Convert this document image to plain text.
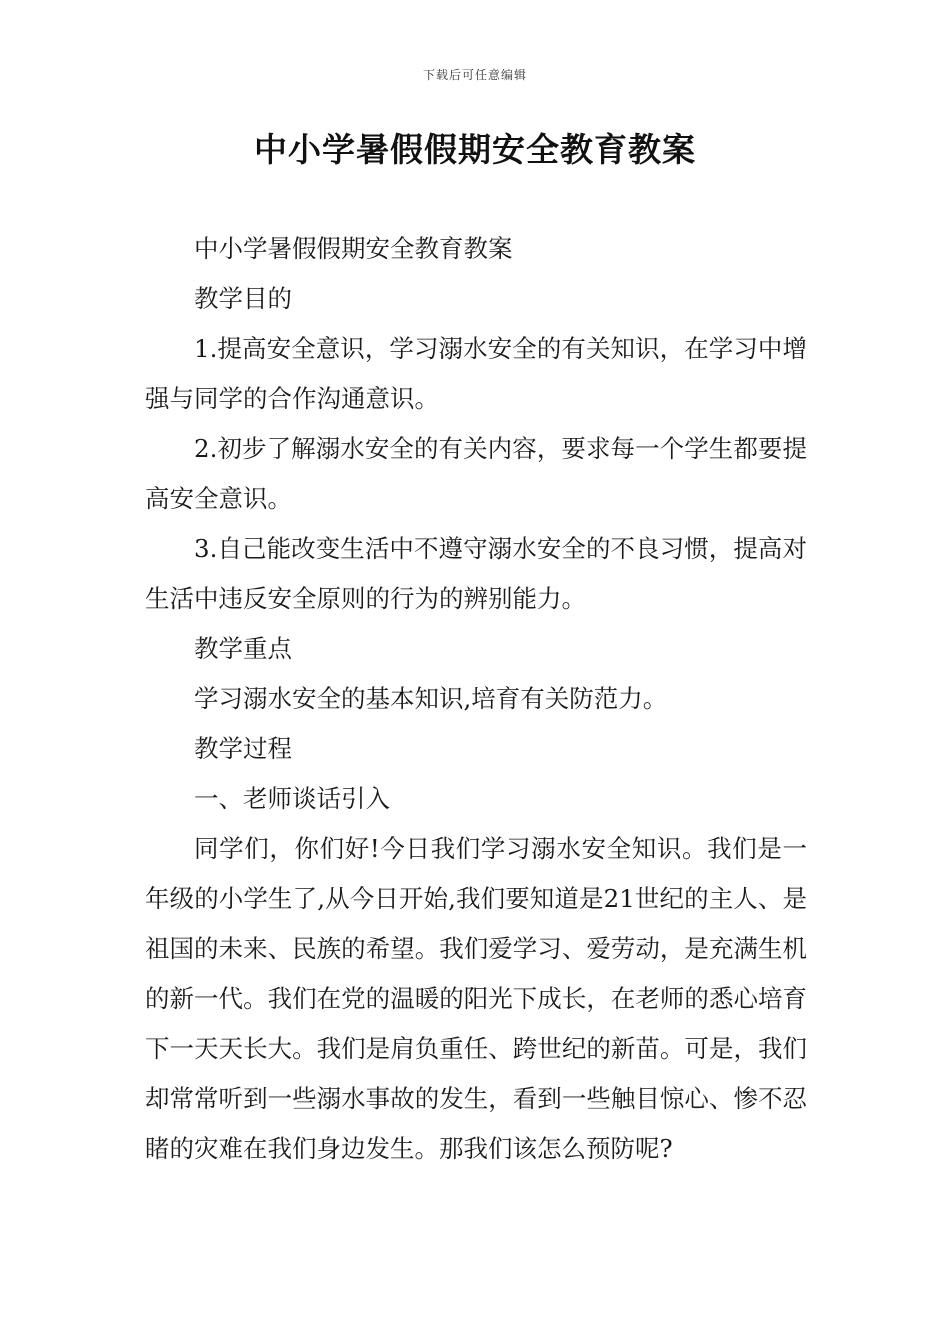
下载后可任意编辑
中小学暑假假期安全教育教案

中小学暑假假期安全教育教案

教学目的

1.提高安全意识，学习溺水安全的有关知识，在学习中增强与同学的合作沟通意识。

2.初步了解溺水安全的有关内容，要求每一个学生都要提高安全意识。

3.自己能改变生活中不遵守溺水安全的不良习惯，提高对生活中违反安全原则的行为的辨别能力。

教学重点

学习溺水安全的基本知识,培育有关防范力。

教学过程

一、老师谈话引入

同学们，你们好!今日我们学习溺水安全知识。我们是一年级的小学生了,从今日开始,我们要知道是21世纪的主人、是祖国的未来、民族的希望。我们爱学习、爱劳动，是充满生机的新一代。我们在党的温暖的阳光下成长，在老师的悉心培育下一天天长大。我们是肩负重任、跨世纪的新苗。可是，我们却常常听到一些溺水事故的发生，看到一些触目惊心、惨不忍睹的灾难在我们身边发生。那我们该怎么预防呢?
